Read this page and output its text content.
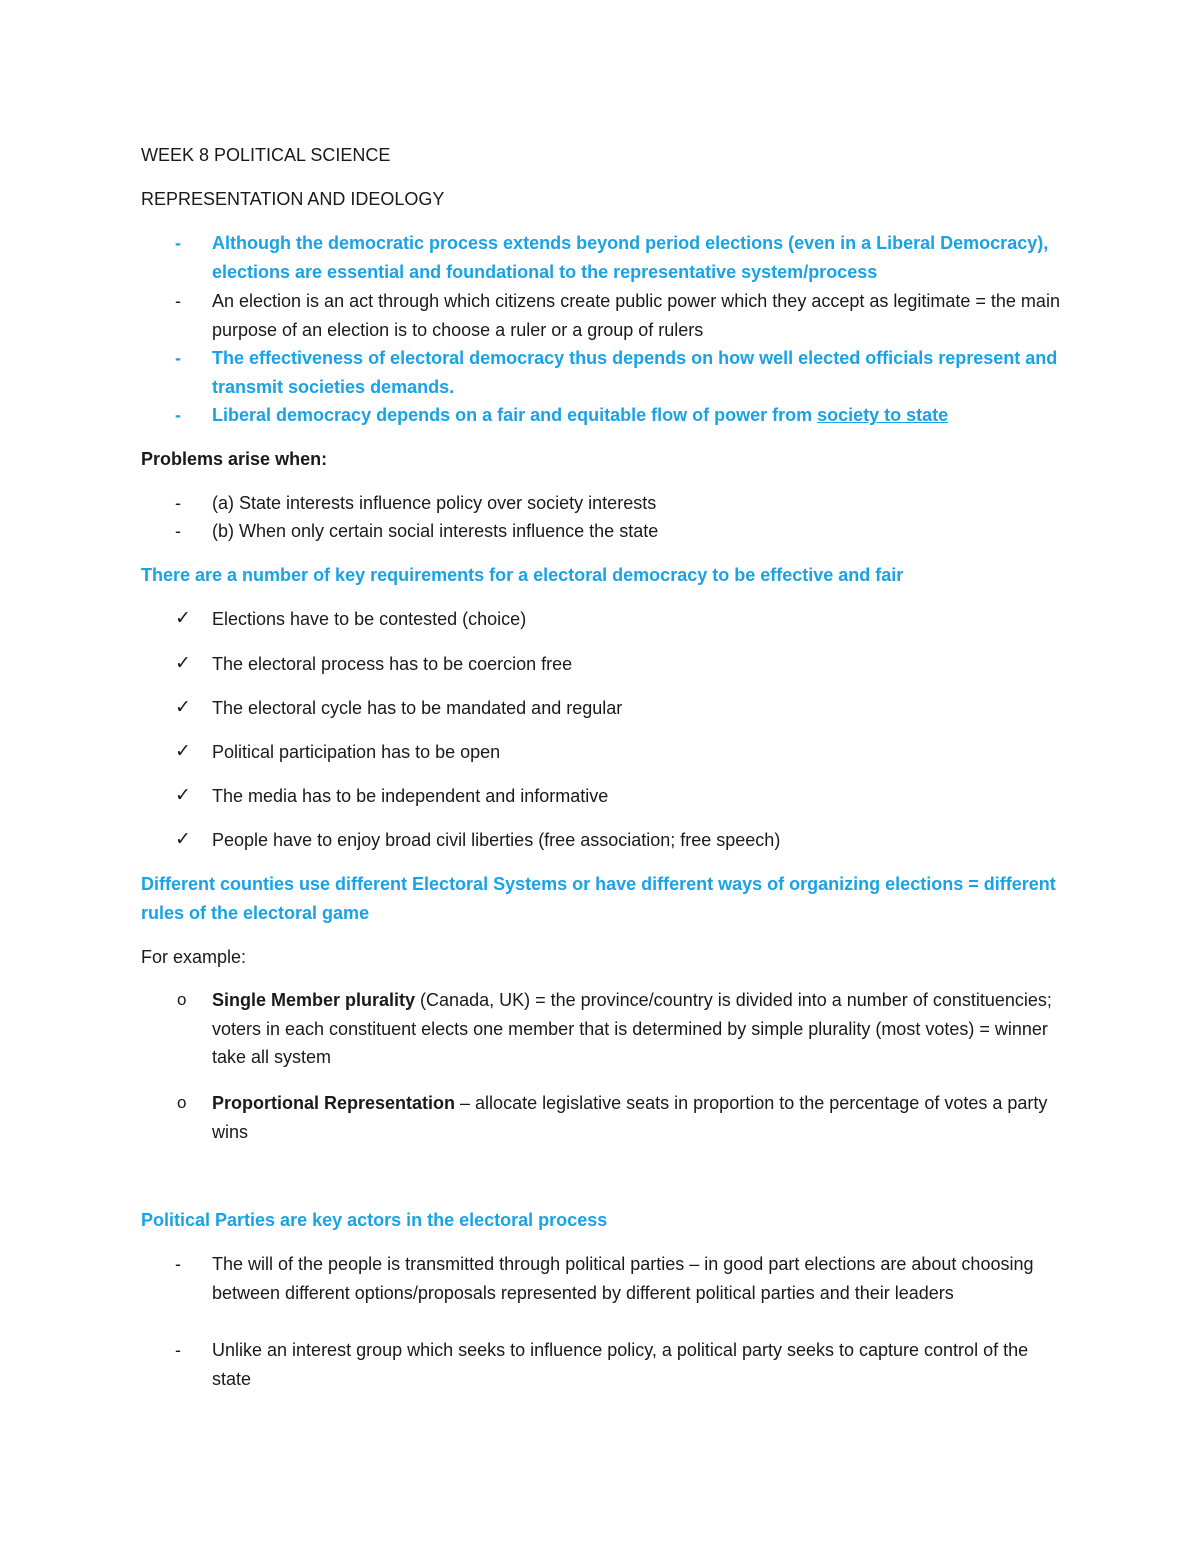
WEEK 8 POLITICAL SCIENCE

REPRESENTATION AND IDEOLOGY

- Although the democratic process extends beyond period elections (even in a Liberal Democracy), elections are essential and foundational to the representative system/process
- An election is an act through which citizens create public power which they accept as legitimate = the main purpose of an election is to choose a ruler or a group of rulers
- The effectiveness of electoral democracy thus depends on how well elected officials represent and transmit societies demands.
- Liberal democracy depends on a fair and equitable flow of power from society to state

Problems arise when:

- (a) State interests influence policy over society interests
- (b) When only certain social interests influence the state

There are a number of key requirements for a electoral democracy to be effective and fair

✓ Elections have to be contested (choice)
✓ The electoral process has to be coercion free
✓ The electoral cycle has to be mandated and regular
✓ Political participation has to be open
✓ The media has to be independent and informative
✓ People have to enjoy broad civil liberties (free association; free speech)

Different counties use different Electoral Systems or have different ways of organizing elections = different rules of the electoral game

For example:

o Single Member plurality (Canada, UK) = the province/country is divided into a number of constituencies; voters in each constituent elects one member that is determined by simple plurality (most votes) = winner take all system
o Proportional Representation – allocate legislative seats in proportion to the percentage of votes a party wins

Political Parties are key actors in the electoral process

- The will of the people is transmitted through political parties – in good part elections are about choosing between different options/proposals represented by different political parties and their leaders
- Unlike an interest group which seeks to influence policy, a political party seeks to capture control of the state
